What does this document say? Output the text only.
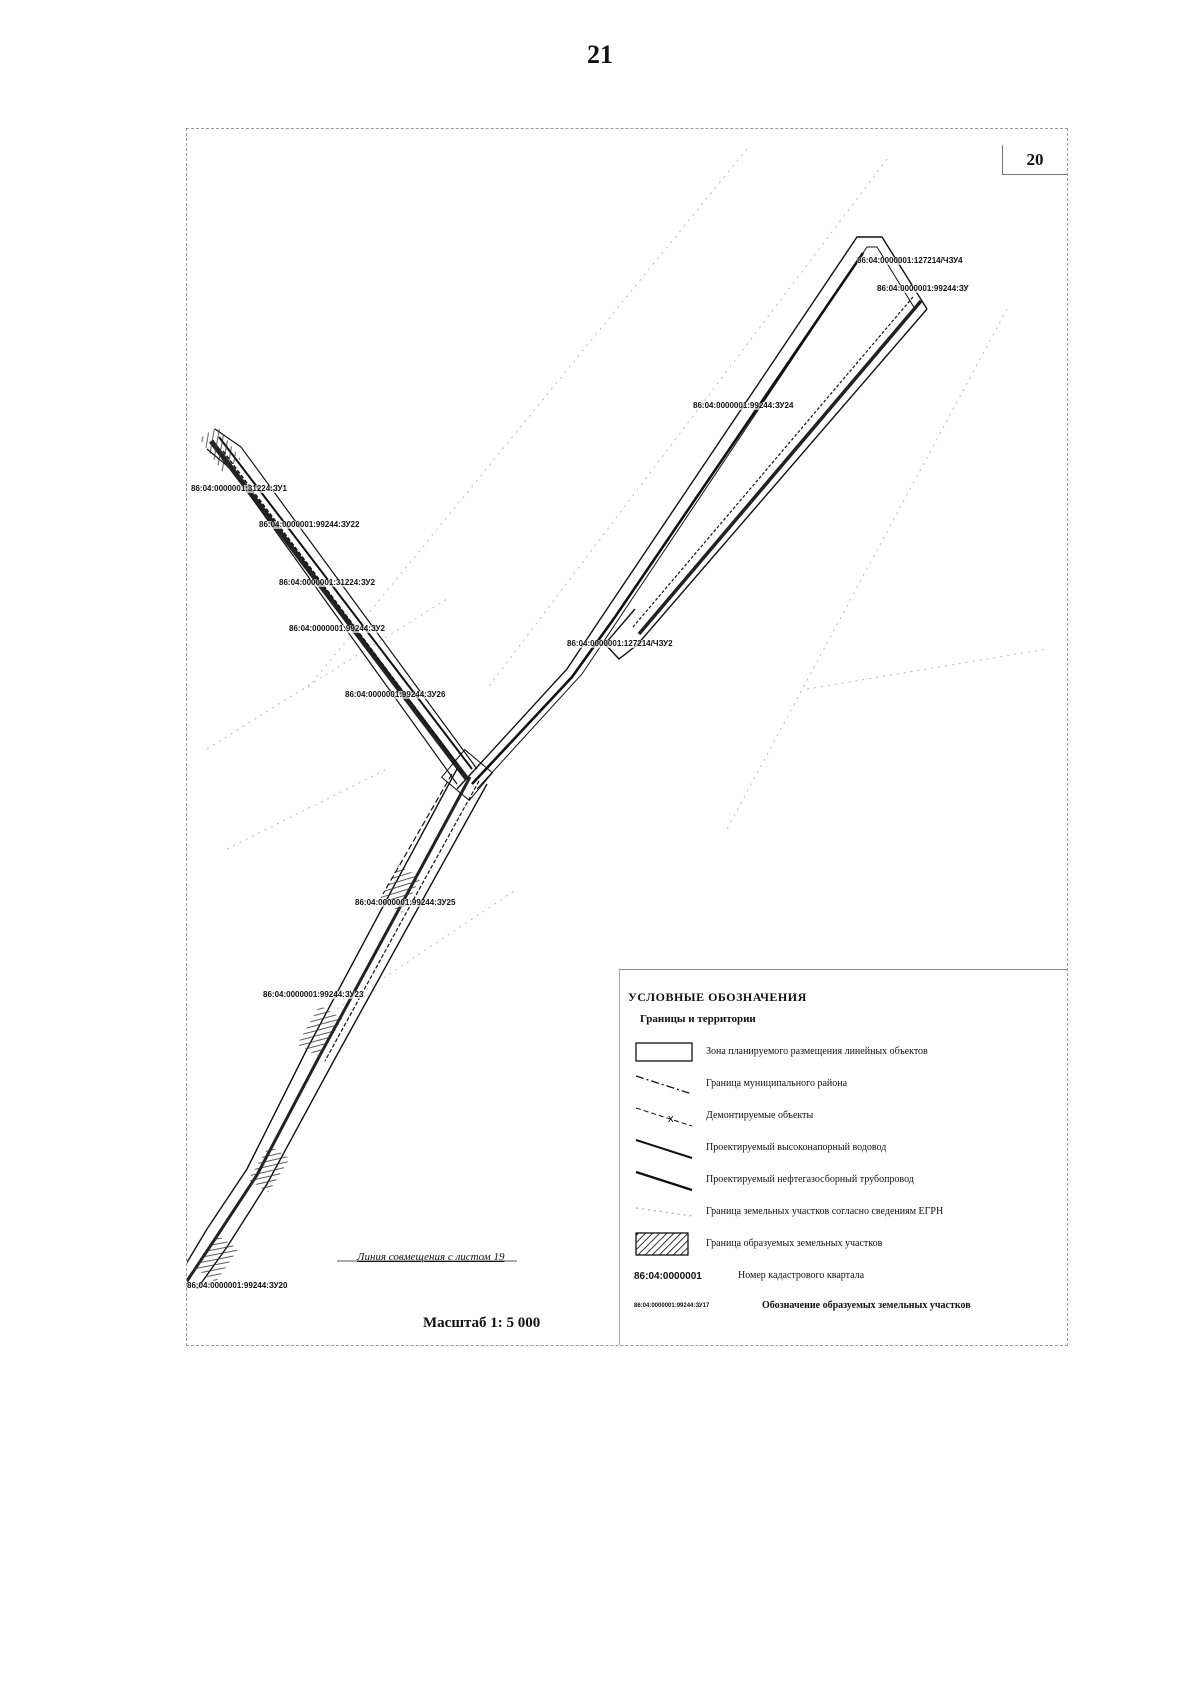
21
20
86:04:0000001:127214/ЧЗУ4
86:04:0000001:99244:ЗУ
86:04:0000001:99244:ЗУ24
86:04:0000001:31224:ЗУ1
86:04:0000001:99244:ЗУ22
86:04:0000001:31224:ЗУ2
86:04:0000001:99244:ЗУ2
86:04:0000001:127214/ЧЗУ2
86:04:0000001:99244:ЗУ26
86:04:0000001:99244:ЗУ25
86:04:0000001:99244:ЗУ23
86:04:0000001:99244:ЗУ20
Линия совмещения с листом 19
Масштаб 1: 5 000
УСЛОВНЫЕ ОБОЗНАЧЕНИЯ
Границы и территории
Зона планируемого размещения линейных объектов
Граница муниципального района
x	Демонтируемые объекты
Проектируемый высоконапорный водовод
Проектируемый нефтегазосборный трубопровод
Граница земельных участков согласно сведениям ЕГРН
Граница образуемых земельных участков
86:04:0000001	Номер кадастрового квартала
86:04:0000001:99244:ЗУ17	Обозначение образуемых земельных участков
